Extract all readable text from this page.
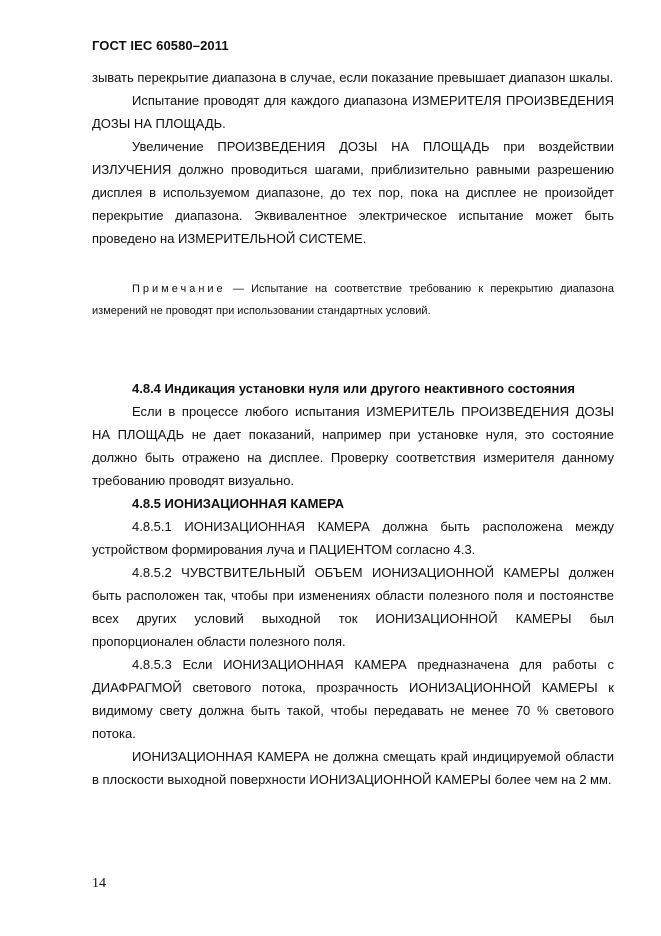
ГОСТ IEC 60580–2011

зывать перекрытие диапазона в случае, если показание превышает диапазон шкалы.

Испытание проводят для каждого диапазона ИЗМЕРИТЕЛЯ ПРОИЗВЕДЕНИЯ ДОЗЫ НА ПЛОЩАДЬ.

Увеличение ПРОИЗВЕДЕНИЯ ДОЗЫ НА ПЛОЩАДЬ при воздействии ИЗЛУЧЕНИЯ должно проводиться шагами, приблизительно равными разрешению дисплея в используемом диапазоне, до тех пор, пока на дисплее не произойдет перекрытие диапазона. Эквивалентное электрическое испытание может быть проведено на ИЗМЕРИТЕЛЬНОЙ СИСТЕМЕ.

Примечание — Испытание на соответствие требованию к перекрытию диапазона измерений не проводят при использовании стандартных условий.

4.8.4 Индикация установки нуля или другого неактивного состояния

Если в процессе любого испытания ИЗМЕРИТЕЛЬ ПРОИЗВЕДЕНИЯ ДОЗЫ НА ПЛОЩАДЬ не дает показаний, например при установке нуля, это состояние должно быть отражено на дисплее. Проверку соответствия измерителя данному требованию проводят визуально.

4.8.5 ИОНИЗАЦИОННАЯ КАМЕРА

4.8.5.1 ИОНИЗАЦИОННАЯ КАМЕРА должна быть расположена между устройством формирования луча и ПАЦИЕНТОМ согласно 4.3.

4.8.5.2 ЧУВСТВИТЕЛЬНЫЙ ОБЪЕМ ИОНИЗАЦИОННОЙ КАМЕРЫ должен быть расположен так, чтобы при изменениях области полезного поля и постоянстве всех других условий выходной ток ИОНИЗАЦИОННОЙ КАМЕРЫ был пропорционален области полезного поля.

4.8.5.3 Если ИОНИЗАЦИОННАЯ КАМЕРА предназначена для работы с ДИАФРАГМОЙ светового потока, прозрачность ИОНИЗАЦИОННОЙ КАМЕРЫ к видимому свету должна быть такой, чтобы передавать не менее 70 % светового потока.

ИОНИЗАЦИОННАЯ КАМЕРА не должна смещать край индицируемой области в плоскости выходной поверхности ИОНИЗАЦИОННОЙ КАМЕРЫ более чем на 2 мм.

14
